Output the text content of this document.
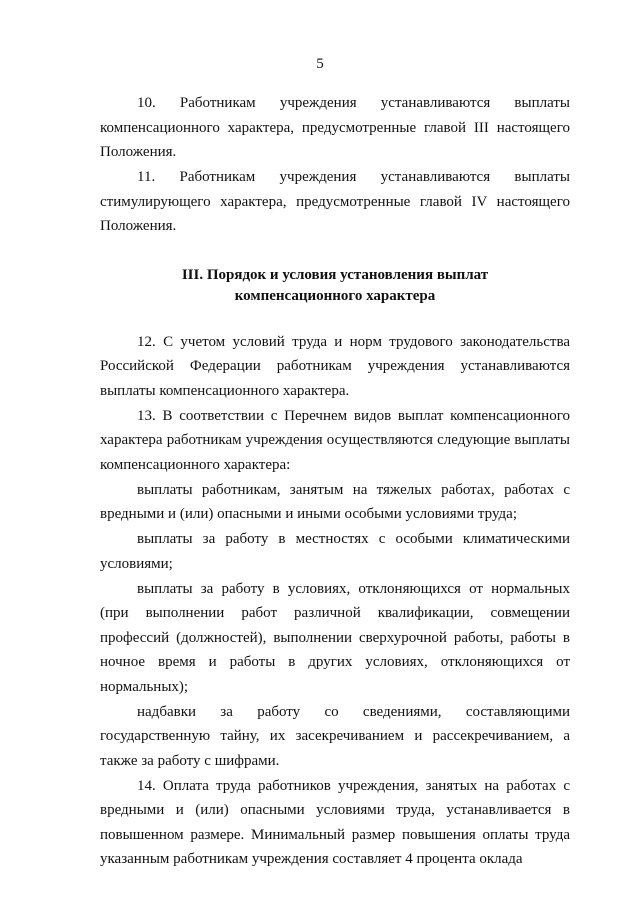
5

10. Работникам учреждения устанавливаются выплаты компенсационного характера, предусмотренные главой III настоящего Положения.

11. Работникам учреждения устанавливаются выплаты стимулирующего характера, предусмотренные главой IV настоящего Положения.

III. Порядок и условия установления выплат
компенсационного характера

12. С учетом условий труда и норм трудового законодательства Российской Федерации работникам учреждения устанавливаются выплаты компенсационного характера.

13. В соответствии с Перечнем видов выплат компенсационного характера работникам учреждения осуществляются следующие выплаты компенсационного характера:

выплаты работникам, занятым на тяжелых работах, работах с вредными и (или) опасными и иными особыми условиями труда;

выплаты за работу в местностях с особыми климатическими условиями;

выплаты за работу в условиях, отклоняющихся от нормальных (при выполнении работ различной квалификации, совмещении профессий (должностей), выполнении сверхурочной работы, работы в ночное время и работы в других условиях, отклоняющихся от нормальных);

надбавки за работу со сведениями, составляющими государственную тайну, их засекречиванием и рассекречиванием, а также за работу с шифрами.

14. Оплата труда работников учреждения, занятых на работах с вредными и (или) опасными условиями труда, устанавливается в повышенном размере. Минимальный размер повышения оплаты труда указанным работникам учреждения составляет 4 процента оклада
